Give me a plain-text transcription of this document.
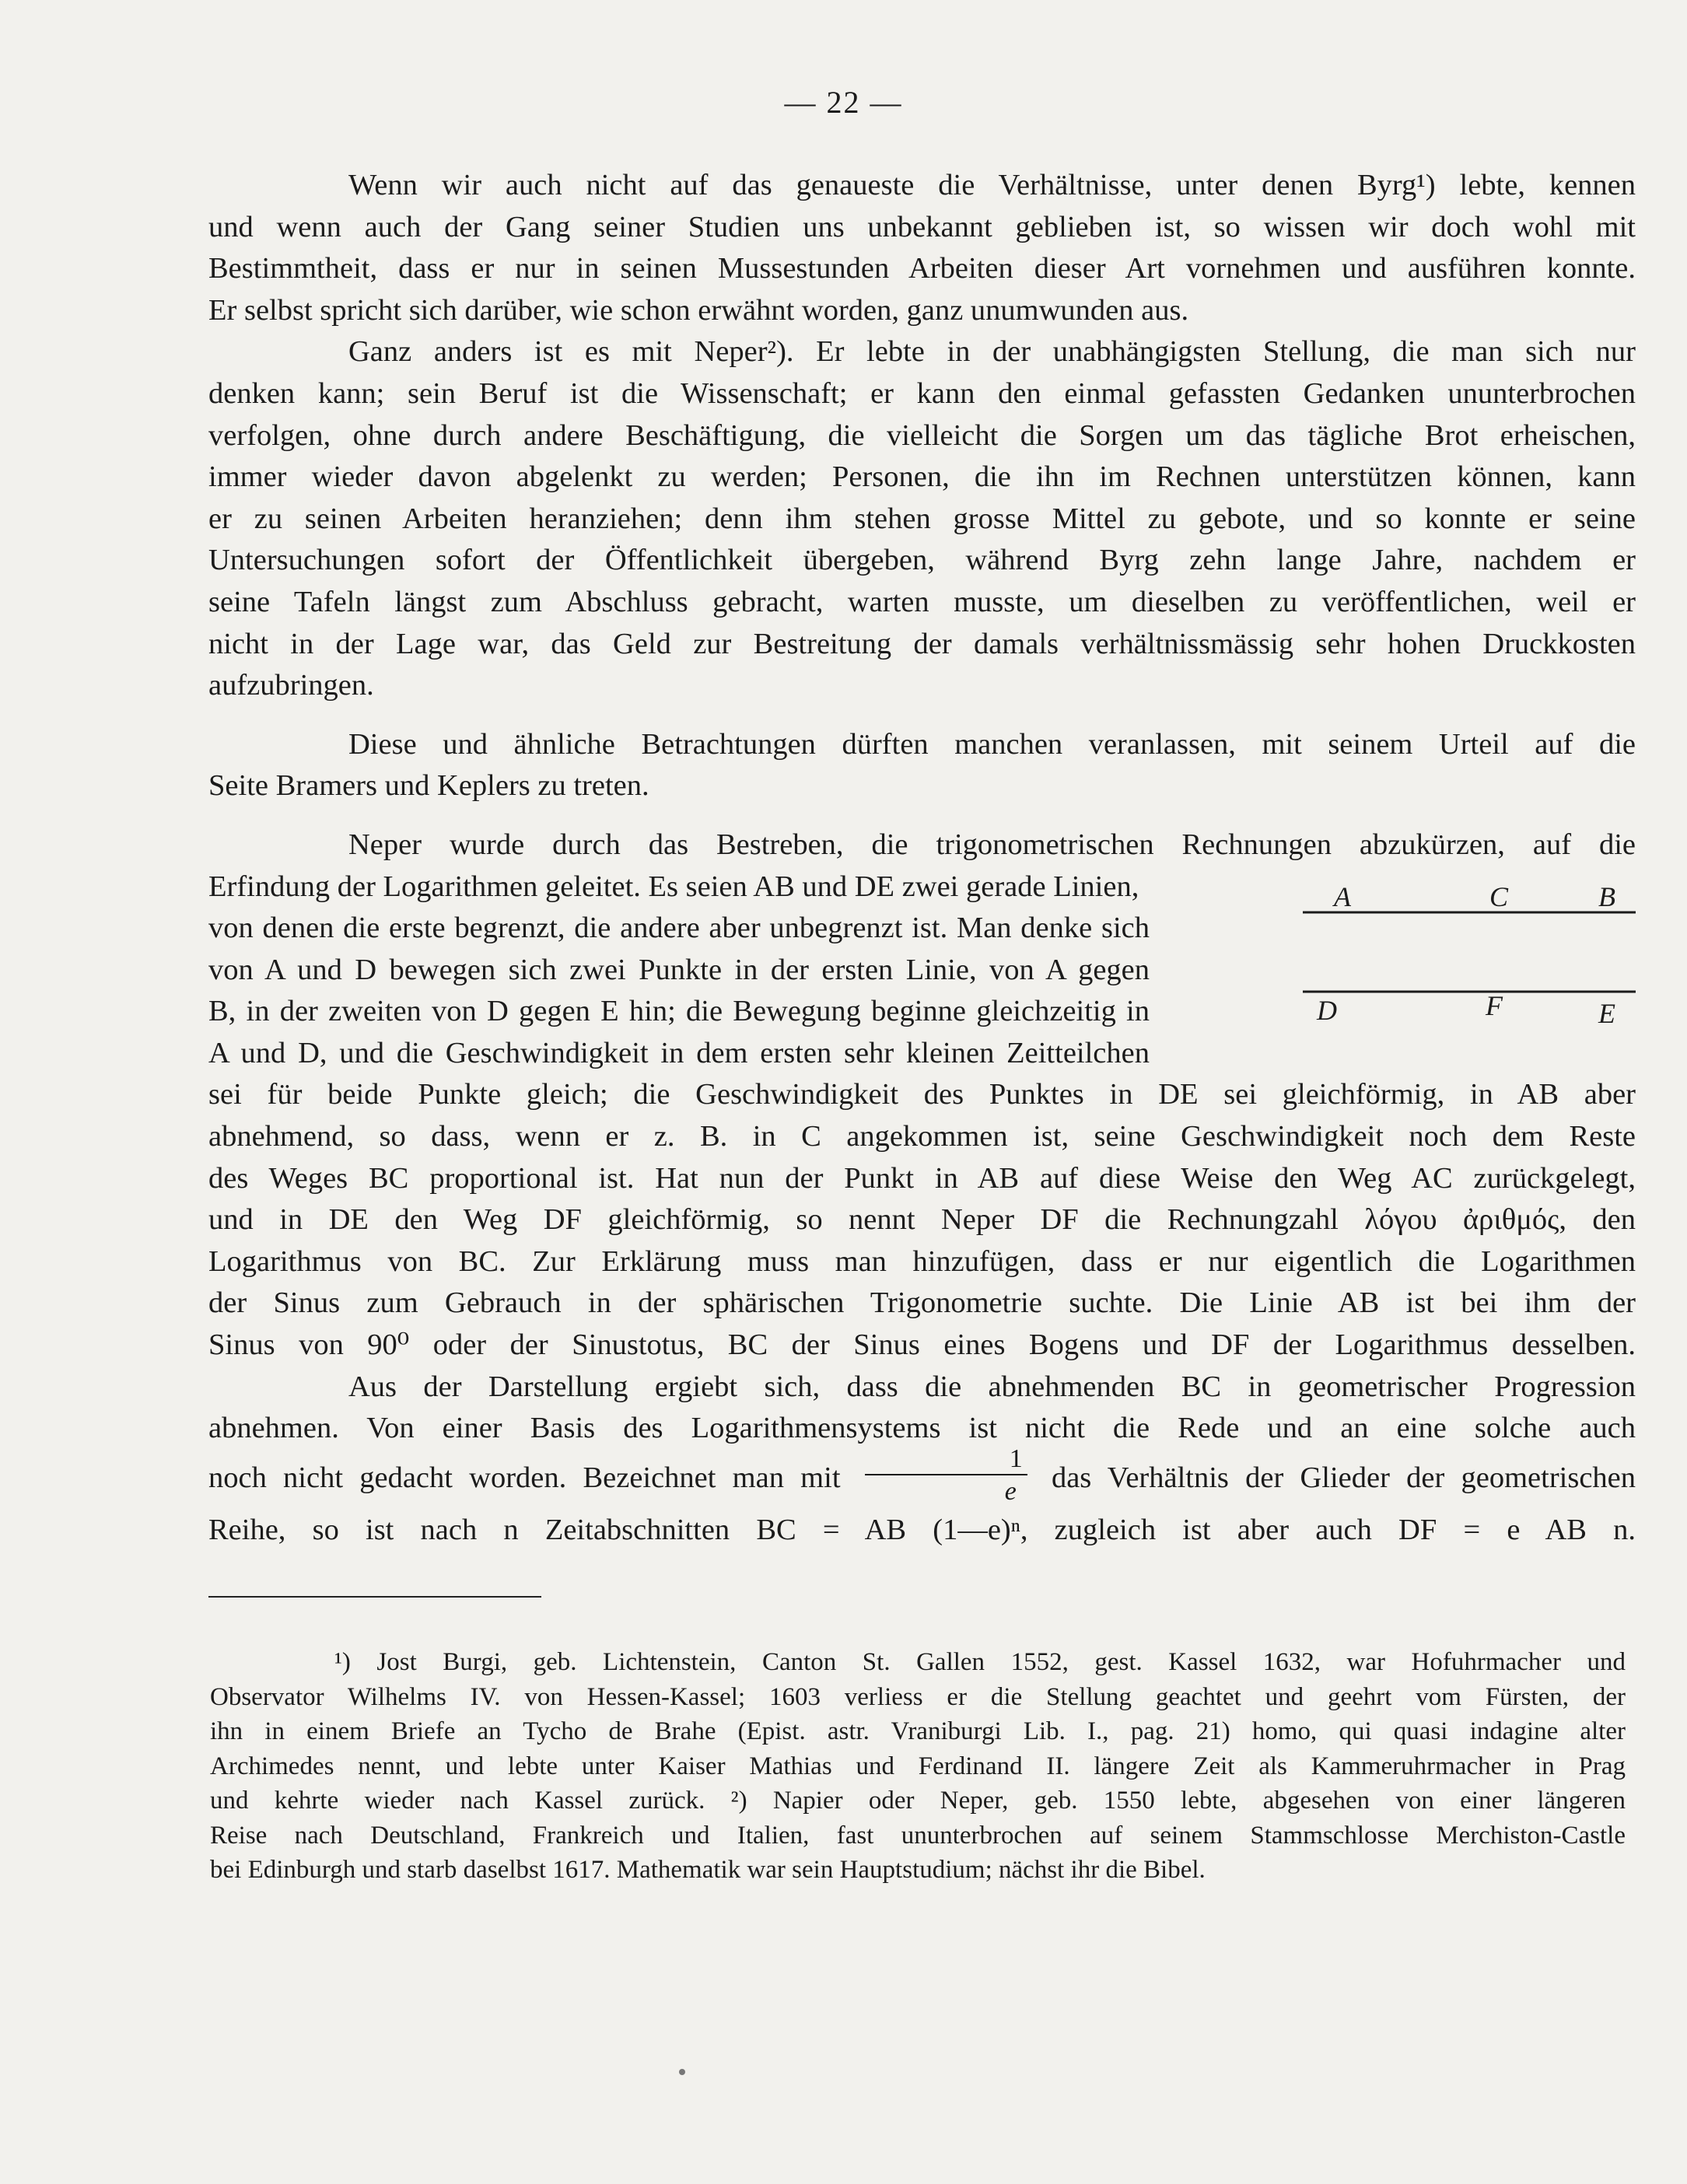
— 22 —

Wenn wir auch nicht auf das genaueste die Verhältnisse, unter denen Byrg¹) lebte, kennen
und wenn auch der Gang seiner Studien uns unbekannt geblieben ist, so wissen wir doch wohl mit
Bestimmtheit, dass er nur in seinen Mussestunden Arbeiten dieser Art vornehmen und ausführen konnte.
Er selbst spricht sich darüber, wie schon erwähnt worden, ganz unumwunden aus.

Ganz anders ist es mit Neper²). Er lebte in der unabhängigsten Stellung, die man sich nur
denken kann; sein Beruf ist die Wissenschaft; er kann den einmal gefassten Gedanken ununterbrochen
verfolgen, ohne durch andere Beschäftigung, die vielleicht die Sorgen um das tägliche Brot erheischen,
immer wieder davon abgelenkt zu werden; Personen, die ihn im Rechnen unterstützen können, kann
er zu seinen Arbeiten heranziehen; denn ihm stehen grosse Mittel zu gebote, und so konnte er seine
Untersuchungen sofort der Öffentlichkeit übergeben, während Byrg zehn lange Jahre, nachdem er
seine Tafeln längst zum Abschluss gebracht, warten musste, um dieselben zu veröffentlichen, weil er
nicht in der Lage war, das Geld zur Bestreitung der damals verhältnissmässig sehr hohen Druckkosten
aufzubringen.

Diese und ähnliche Betrachtungen dürften manchen veranlassen, mit seinem Urteil auf die
Seite Bramers und Keplers zu treten.

Neper wurde durch das Bestreben, die trigonometrischen Rechnungen abzukürzen, auf die
Erfindung der Logarithmen geleitet. Es seien AB und DE zwei gerade Linien,
von denen die erste begrenzt, die andere aber unbegrenzt ist. Man denke sich
von A und D bewegen sich zwei Punkte in der ersten Linie, von A gegen
B, in der zweiten von D gegen E hin; die Bewegung beginne gleichzeitig in
A und D, und die Geschwindigkeit in dem ersten sehr kleinen Zeitteilchen
sei für beide Punkte gleich; die Geschwindigkeit des Punktes in DE sei gleichförmig, in AB aber
abnehmend, so dass, wenn er z. B. in C angekommen ist, seine Geschwindigkeit noch dem Reste
des Weges BC proportional ist. Hat nun der Punkt in AB auf diese Weise den Weg AC zurückgelegt,
und in DE den Weg DF gleichförmig, so nennt Neper DF die Rechnungzahl λόγου ἀριθμός, den
Logarithmus von BC. Zur Erklärung muss man hinzufügen, dass er nur eigentlich die Logarithmen
der Sinus zum Gebrauch in der sphärischen Trigonometrie suchte. Die Linie AB ist bei ihm der
Sinus von 90⁰ oder der Sinustotus, BC der Sinus eines Bogens und DF der Logarithmus desselben.

Aus der Darstellung ergiebt sich, dass die abnehmenden BC in geometrischer Progression
abnehmen. Von einer Basis des Logarithmensystems ist nicht die Rede und an eine solche auch
noch nicht gedacht worden. Bezeichnet man mit $\frac{1}{e}$ das Verhältnis der Glieder der geometrischen
Reihe, so ist nach n Zeitabschnitten BC = AB (1—e)ⁿ, zugleich ist aber auch DF = e AB n.

A	C	B
D	F	E
¹) Jost Burgi, geb. Lichtenstein, Canton St. Gallen 1552, gest. Kassel 1632, war Hofuhrmacher und
Observator Wilhelms IV. von Hessen-Kassel; 1603 verliess er die Stellung geachtet und geehrt vom Fürsten, der
ihn in einem Briefe an Tycho de Brahe (Epist. astr. Vraniburgi Lib. I., pag. 21) homo, qui quasi indagine alter
Archimedes nennt, und lebte unter Kaiser Mathias und Ferdinand II. längere Zeit als Kammeruhrmacher in Prag
und kehrte wieder nach Kassel zurück. ²) Napier oder Neper, geb. 1550 lebte, abgesehen von einer längeren
Reise nach Deutschland, Frankreich und Italien, fast ununterbrochen auf seinem Stammschlosse Merchiston-Castle
bei Edinburgh und starb daselbst 1617. Mathematik war sein Hauptstudium; nächst ihr die Bibel.
